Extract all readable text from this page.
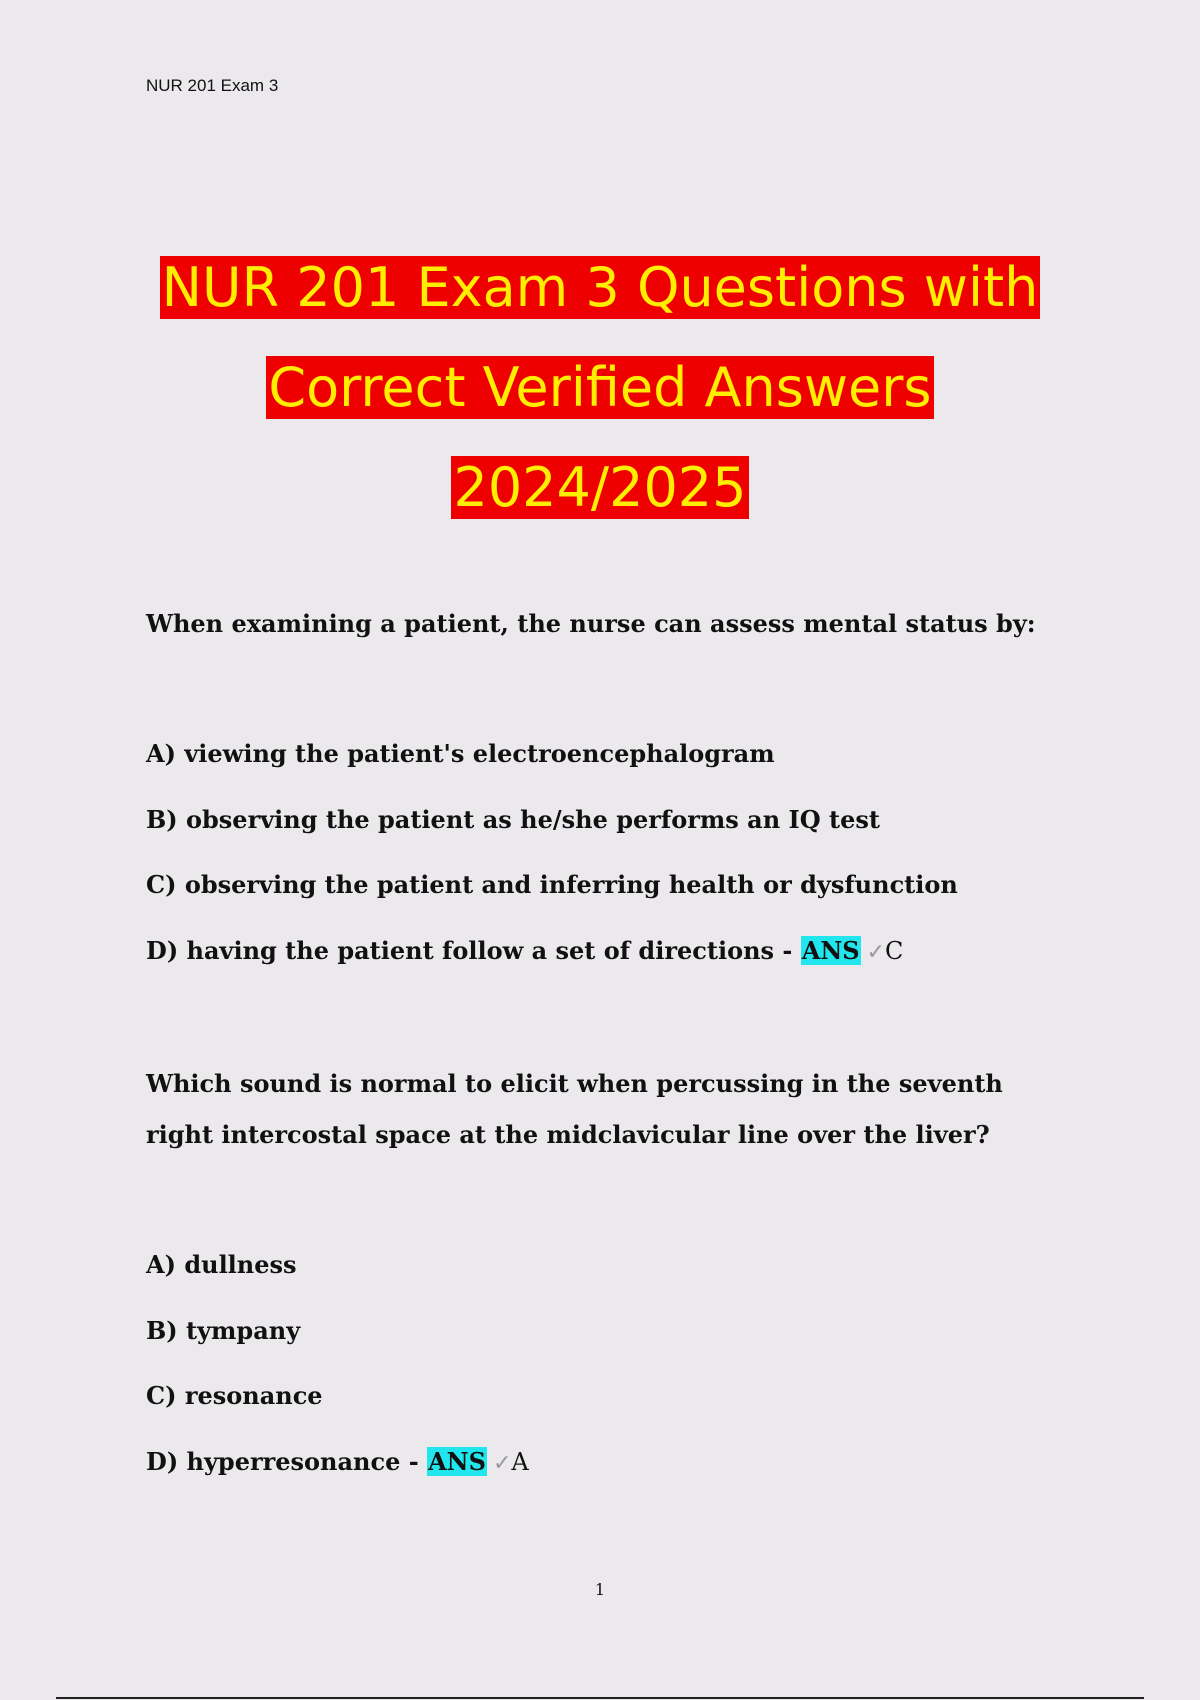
NUR 201 Exam 3
NUR 201 Exam 3 Questions with
Correct Verified Answers
2024/2025
When examining a patient, the nurse can assess mental status by:
A) viewing the patient's electroencephalogram
B) observing the patient as he/she performs an IQ test
C) observing the patient and inferring health or dysfunction
D) having the patient follow a set of directions - ANS ✓C
Which sound is normal to elicit when percussing in the seventh right intercostal space at the midclavicular line over the liver?
A) dullness
B) tympany
C) resonance
D) hyperresonance - ANS ✓A
1
